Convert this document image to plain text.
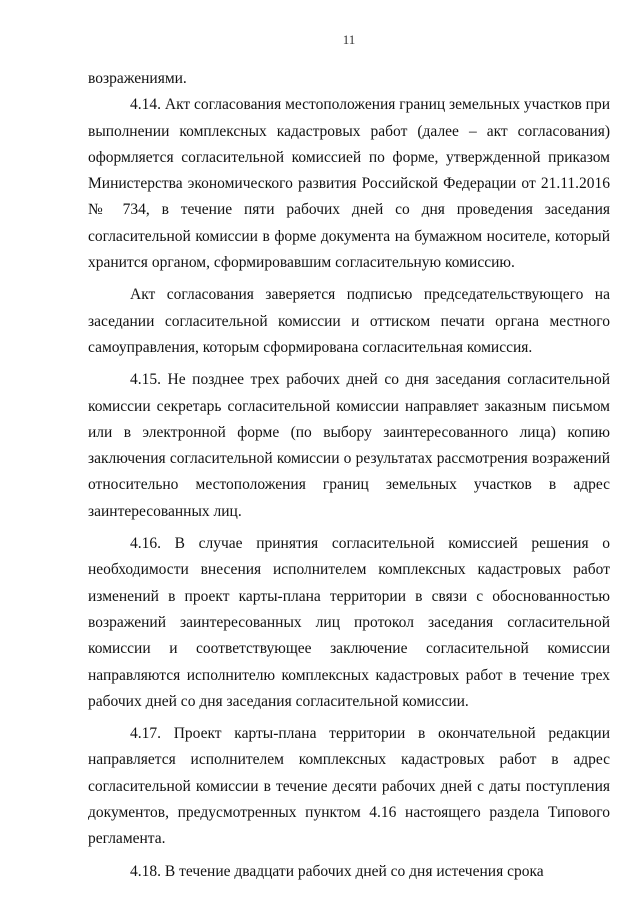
11

возражениями.

4.14. Акт согласования местоположения границ земельных участков при выполнении комплексных кадастровых работ (далее – акт согласования) оформляется согласительной комиссией по форме, утвержденной приказом Министерства экономического развития Российской Федерации от 21.11.2016 № 734, в течение пяти рабочих дней со дня проведения заседания согласительной комиссии в форме документа на бумажном носителе, который хранится органом, сформировавшим согласительную комиссию.

Акт согласования заверяется подписью председательствующего на заседании согласительной комиссии и оттиском печати органа местного самоуправления, которым сформирована согласительная комиссия.

4.15. Не позднее трех рабочих дней со дня заседания согласительной комиссии секретарь согласительной комиссии направляет заказным письмом или в электронной форме (по выбору заинтересованного лица) копию заключения согласительной комиссии о результатах рассмотрения возражений относительно местоположения границ земельных участков в адрес заинтересованных лиц.

4.16. В случае принятия согласительной комиссией решения о необходимости внесения исполнителем комплексных кадастровых работ изменений в проект карты-плана территории в связи с обоснованностью возражений заинтересованных лиц протокол заседания согласительной комиссии и соответствующее заключение согласительной комиссии направляются исполнителю комплексных кадастровых работ в течение трех рабочих дней со дня заседания согласительной комиссии.

4.17. Проект карты-плана территории в окончательной редакции направляется исполнителем комплексных кадастровых работ в адрес согласительной комиссии в течение десяти рабочих дней с даты поступления документов, предусмотренных пунктом 4.16 настоящего раздела Типового регламента.

4.18. В течение двадцати рабочих дней со дня истечения срока
